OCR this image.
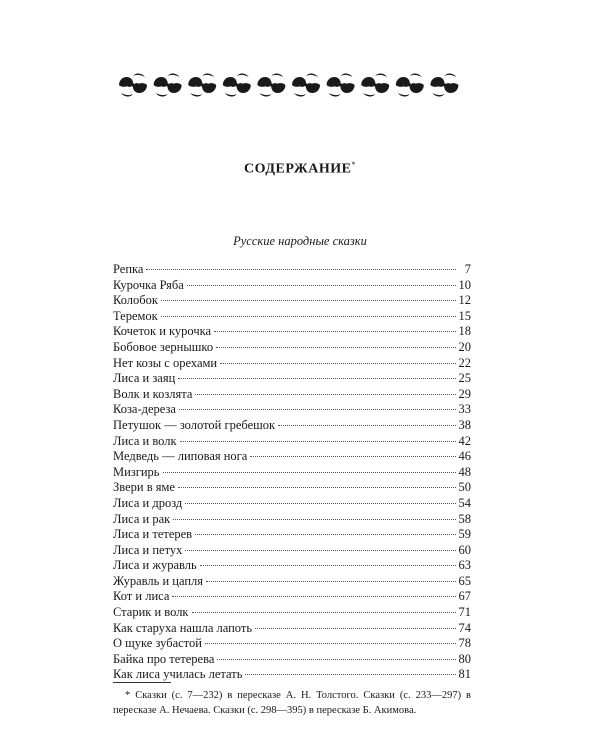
СОДЕРЖАНИЕ*
Русские народные сказки
Репка	7
Курочка Ряба	10
Колобок	12
Теремок	15
Кочеток и курочка	18
Бобовое зернышко	20
Нет козы с орехами	22
Лиса и заяц	25
Волк и козлята	29
Коза-дереза	33
Петушок — золотой гребешок	38
Лиса и волк	42
Медведь — липовая нога	46
Мизгирь	48
Звери в яме	50
Лиса и дрозд	54
Лиса и рак	58
Лиса и тетерев	59
Лиса и петух	60
Лиса и журавль	63
Журавль и цапля	65
Кот и лиса	67
Старик и волк	71
Как старуха нашла лапоть	74
О щуке зубастой	78
Байка про тетерева	80
Как лиса училась летать	81
* Сказки (с. 7—232) в пересказе А. Н. Толстого. Сказки (с. 233—297) в пересказе А. Нечаева. Сказки (с. 298—395) в пересказе Б. Акимова.
